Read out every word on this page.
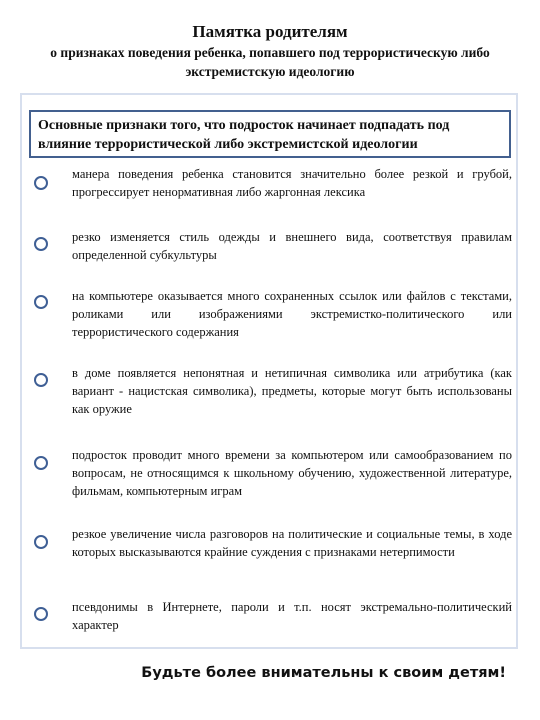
Памятка родителям
о признаках поведения ребенка, попавшего под террористическую либо экстремистскую идеологию
Основные признаки того, что подросток начинает подпадать под влияние террористической либо экстремистской идеологии
манера поведения ребенка становится значительно более резкой и грубой, прогрессирует ненормативная либо жаргонная лексика
резко изменяется стиль одежды и внешнего вида, соответствуя правилам определенной субкультуры
на компьютере оказывается много сохраненных ссылок или файлов с текстами, роликами или изображениями экстремистко-политического или террористического содержания
в доме появляется непонятная и нетипичная символика или атрибутика (как вариант - нацистская символика), предметы, которые могут быть использованы как оружие
подросток проводит много времени за компьютером или самообразованием по вопросам, не относящимся к школьному обучению, художественной литературе, фильмам, компьютерным играм
резкое увеличение числа разговоров на политические и социальные темы, в ходе которых высказываются крайние суждения с признаками нетерпимости
псевдонимы в Интернете, пароли и т.п. носят экстремально-политический характер
Будьте более внимательны к своим детям!
